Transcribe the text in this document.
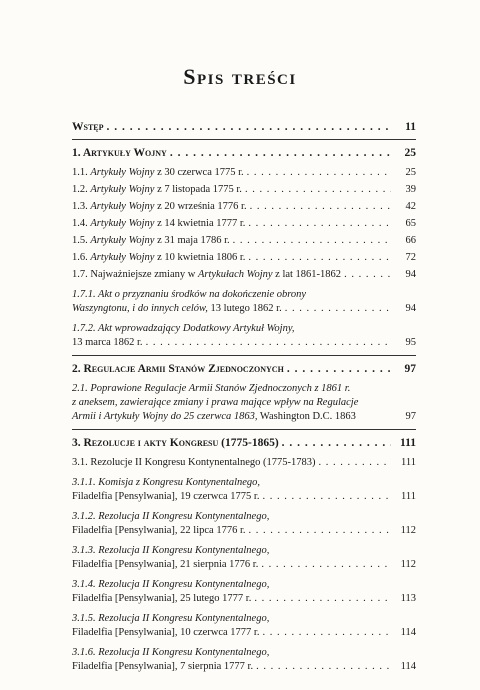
Spis treści
Wstęp . . .	11
1. Artykuły Wojny . . .	25
1.1. Artykuły Wojny z 30 czerwca 1775 r. . . .	25
1.2. Artykuły Wojny z 7 listopada 1775 r. . . .	39
1.3. Artykuły Wojny z 20 września 1776 r. . . .	42
1.4. Artykuły Wojny z 14 kwietnia 1777 r. . . .	65
1.5. Artykuły Wojny z 31 maja 1786 r. . . .	66
1.6. Artykuły Wojny z 10 kwietnia 1806 r. . . .	72
1.7. Najważniejsze zmiany w Artykułach Wojny z lat 1861-1862 . . .	94
1.7.1. Akt o przyznaniu środków na dokończenie obrony
Waszyngtonu, i do innych celów, 13 lutego 1862 r. . . .	94
1.7.2. Akt wprowadzający Dodatkowy Artykuł Wojny,
13 marca 1862 r. . . .	95
2. Regulacje Armii Stanów Zjednoczonych . . .	97
2.1. Poprawione Regulacje Armii Stanów Zjednoczonych z 1861 r.
z aneksem, zawierające zmiany i prawa mające wpływ na Regulacje
Armii i Artykuły Wojny do 25 czerwca 1863, Washington D.C. 1863	97
3. Rezolucje i akty Kongresu (1775-1865) . . .	111
3.1. Rezolucje II Kongresu Kontynentalnego (1775-1783) . . .	111
3.1.1. Komisja z Kongresu Kontynentalnego,
Filadelfia [Pensylwania], 19 czerwca 1775 r. . . .	111
3.1.2. Rezolucja II Kongresu Kontynentalnego,
Filadelfia [Pensylwania], 22 lipca 1776 r. . . .	112
3.1.3. Rezolucja II Kongresu Kontynentalnego,
Filadelfia [Pensylwania], 21 sierpnia 1776 r. . . .	112
3.1.4. Rezolucja II Kongresu Kontynentalnego,
Filadelfia [Pensylwania], 25 lutego 1777 r. . . .	113
3.1.5. Rezolucja II Kongresu Kontynentalnego,
Filadelfia [Pensylwania], 10 czerwca 1777 r. . . .	114
3.1.6. Rezolucja II Kongresu Kontynentalnego,
Filadelfia [Pensylwania], 7 sierpnia 1777 r. . . .	114
